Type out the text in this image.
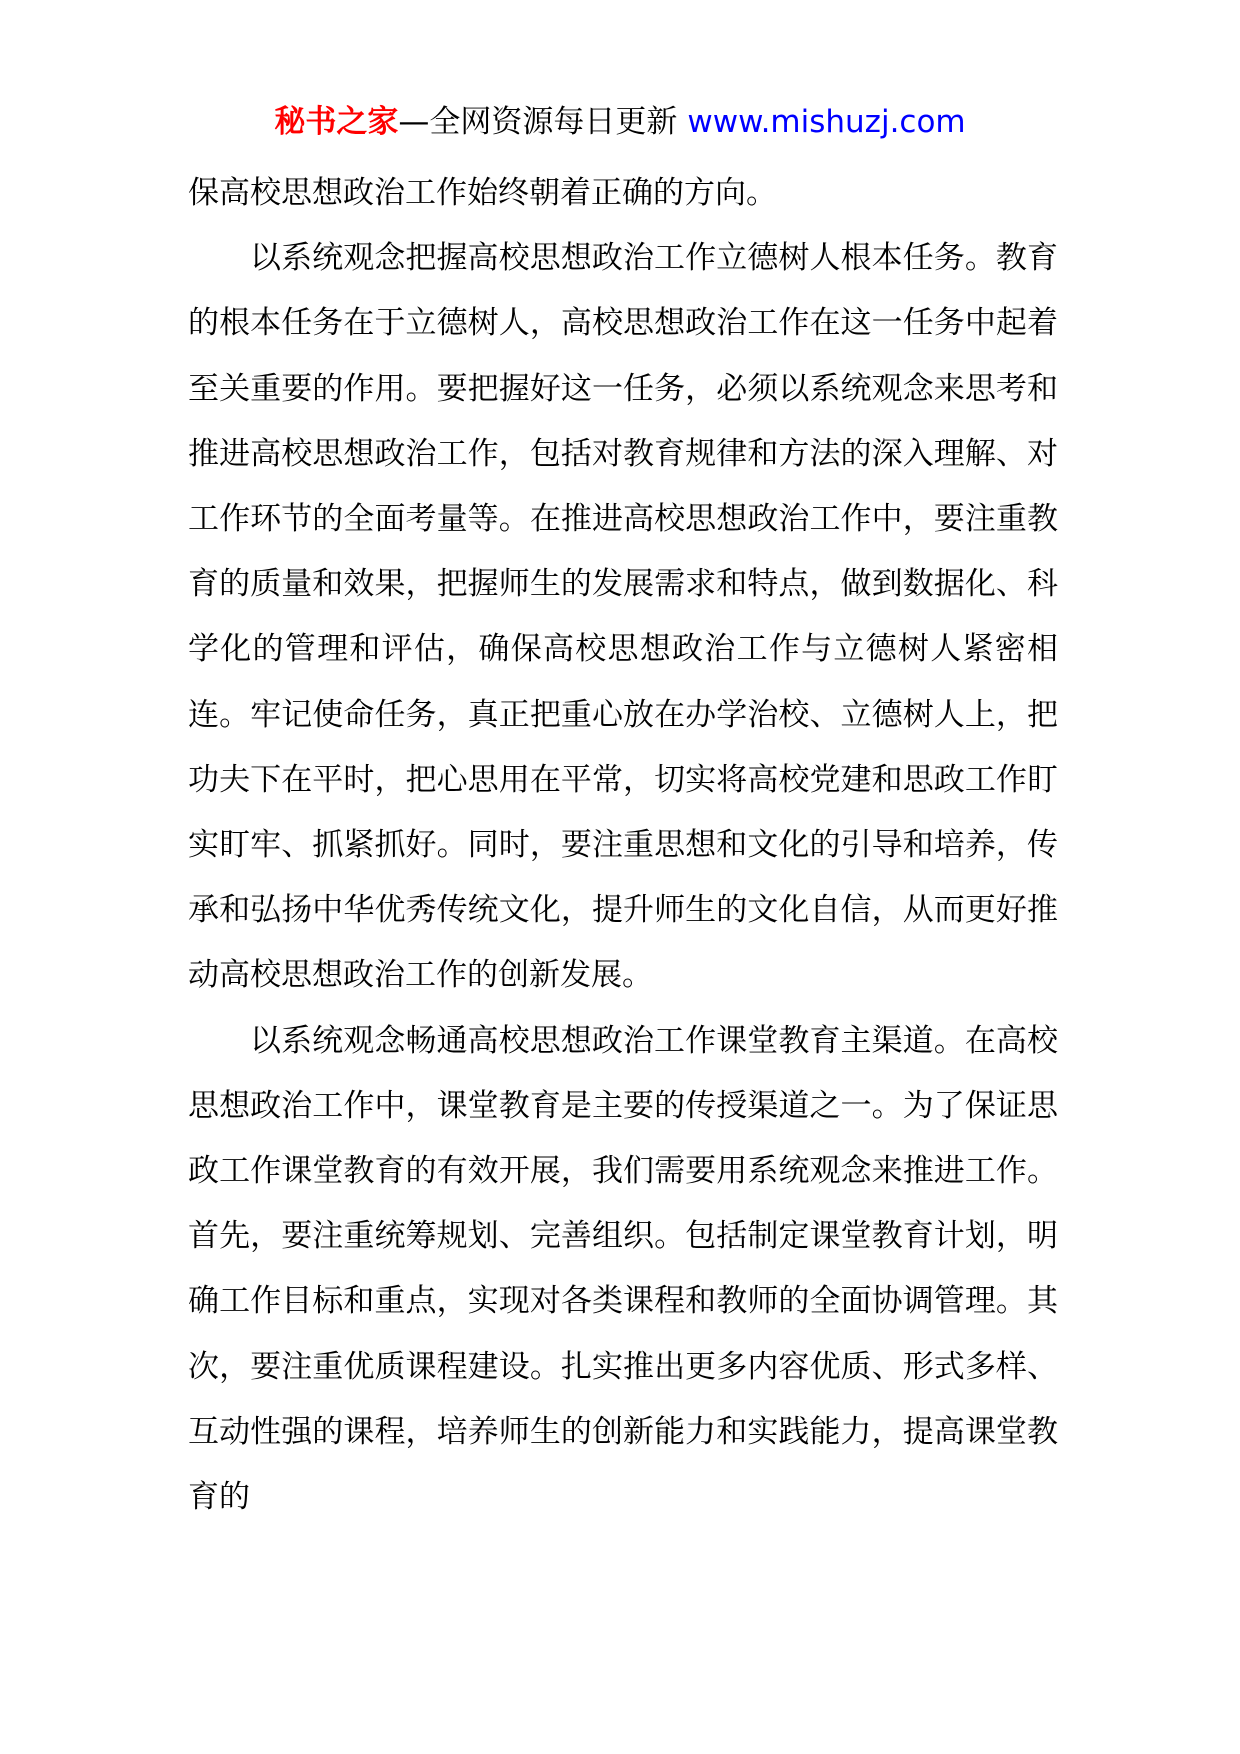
秘书之家—全网资源每日更新 www.mishuzj.com

保高校思想政治工作始终朝着正确的方向。

以系统观念把握高校思想政治工作立德树人根本任务。教育的根本任务在于立德树人，高校思想政治工作在这一任务中起着至关重要的作用。要把握好这一任务，必须以系统观念来思考和推进高校思想政治工作，包括对教育规律和方法的深入理解、对工作环节的全面考量等。在推进高校思想政治工作中，要注重教育的质量和效果，把握师生的发展需求和特点，做到数据化、科学化的管理和评估，确保高校思想政治工作与立德树人紧密相连。牢记使命任务，真正把重心放在办学治校、立德树人上，把功夫下在平时，把心思用在平常，切实将高校党建和思政工作盯实盯牢、抓紧抓好。同时，要注重思想和文化的引导和培养，传承和弘扬中华优秀传统文化，提升师生的文化自信，从而更好推动高校思想政治工作的创新发展。

以系统观念畅通高校思想政治工作课堂教育主渠道。在高校思想政治工作中，课堂教育是主要的传授渠道之一。为了保证思政工作课堂教育的有效开展，我们需要用系统观念来推进工作。首先，要注重统筹规划、完善组织。包括制定课堂教育计划，明确工作目标和重点，实现对各类课程和教师的全面协调管理。其次，要注重优质课程建设。扎实推出更多内容优质、形式多样、互动性强的课程，培养师生的创新能力和实践能力，提高课堂教育的
